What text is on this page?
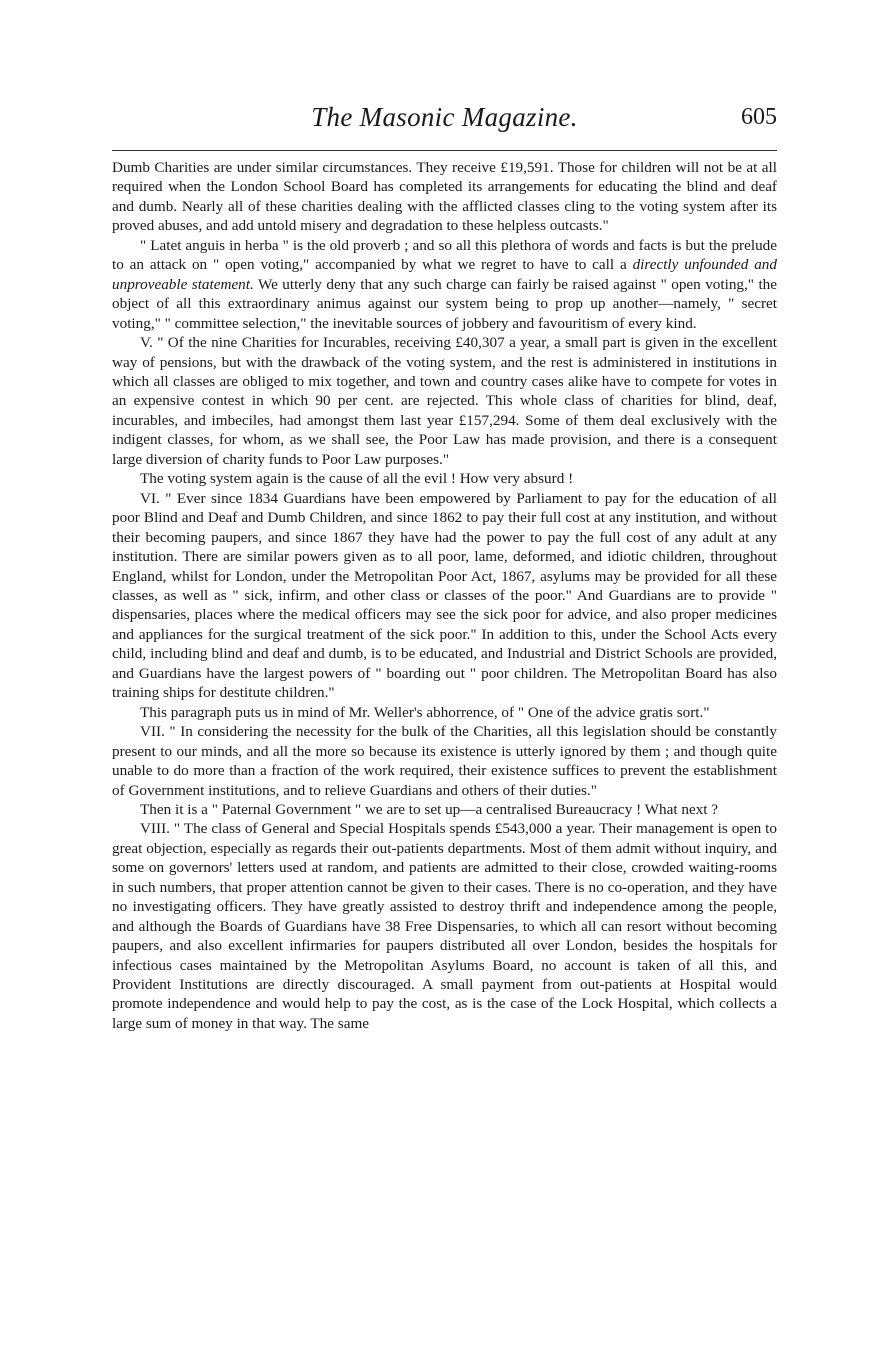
The Masonic Magazine.	605

Dumb Charities are under similar circumstances. They receive £19,591. Those for children will not be at all required when the London School Board has completed its arrangements for educating the blind and deaf and dumb. Nearly all of these charities dealing with the afflicted classes cling to the voting system after its proved abuses, and add untold misery and degradation to these helpless outcasts."

" Latet anguis in herba " is the old proverb ; and so all this plethora of words and facts is but the prelude to an attack on " open voting," accompanied by what we regret to have to call a directly unfounded and unproveable statement. We utterly deny that any such charge can fairly be raised against " open voting," the object of all this extraordinary animus against our system being to prop up another—namely, " secret voting," " committee selection," the inevitable sources of jobbery and favouritism of every kind.

V. " Of the nine Charities for Incurables, receiving £40,307 a year, a small part is given in the excellent way of pensions, but with the drawback of the voting system, and the rest is administered in institutions in which all classes are obliged to mix together, and town and country cases alike have to compete for votes in an expensive contest in which 90 per cent. are rejected. This whole class of charities for blind, deaf, incurables, and imbeciles, had amongst them last year £157,294. Some of them deal exclusively with the indigent classes, for whom, as we shall see, the Poor Law has made provision, and there is a consequent large diversion of charity funds to Poor Law purposes."

The voting system again is the cause of all the evil ! How very absurd !

VI. " Ever since 1834 Guardians have been empowered by Parliament to pay for the education of all poor Blind and Deaf and Dumb Children, and since 1862 to pay their full cost at any institution, and without their becoming paupers, and since 1867 they have had the power to pay the full cost of any adult at any institution. There are similar powers given as to all poor, lame, deformed, and idiotic children, throughout England, whilst for London, under the Metropolitan Poor Act, 1867, asylums may be provided for all these classes, as well as " sick, infirm, and other class or classes of the poor." And Guardians are to provide " dispensaries, places where the medical officers may see the sick poor for advice, and also proper medicines and appliances for the surgical treatment of the sick poor." In addition to this, under the School Acts every child, including blind and deaf and dumb, is to be educated, and Industrial and District Schools are provided, and Guardians have the largest powers of " boarding out " poor children. The Metropolitan Board has also training ships for destitute children."

This paragraph puts us in mind of Mr. Weller's abhorrence, of " One of the advice gratis sort."

VII. " In considering the necessity for the bulk of the Charities, all this legislation should be constantly present to our minds, and all the more so because its existence is utterly ignored by them ; and though quite unable to do more than a fraction of the work required, their existence suffices to prevent the establishment of Government institutions, and to relieve Guardians and others of their duties."

Then it is a " Paternal Government " we are to set up—a centralised Bureaucracy ! What next ?

VIII. " The class of General and Special Hospitals spends £543,000 a year. Their management is open to great objection, especially as regards their out-patients departments. Most of them admit without inquiry, and some on governors' letters used at random, and patients are admitted to their close, crowded waiting-rooms in such numbers, that proper attention cannot be given to their cases. There is no co-operation, and they have no investigating officers. They have greatly assisted to destroy thrift and independence among the people, and although the Boards of Guardians have 38 Free Dispensaries, to which all can resort without becoming paupers, and also excellent infirmaries for paupers distributed all over London, besides the hospitals for infectious cases maintained by the Metropolitan Asylums Board, no account is taken of all this, and Provident Institutions are directly discouraged. A small payment from out-patients at Hospital would promote independence and would help to pay the cost, as is the case of the Lock Hospital, which collects a large sum of money in that way. The same
